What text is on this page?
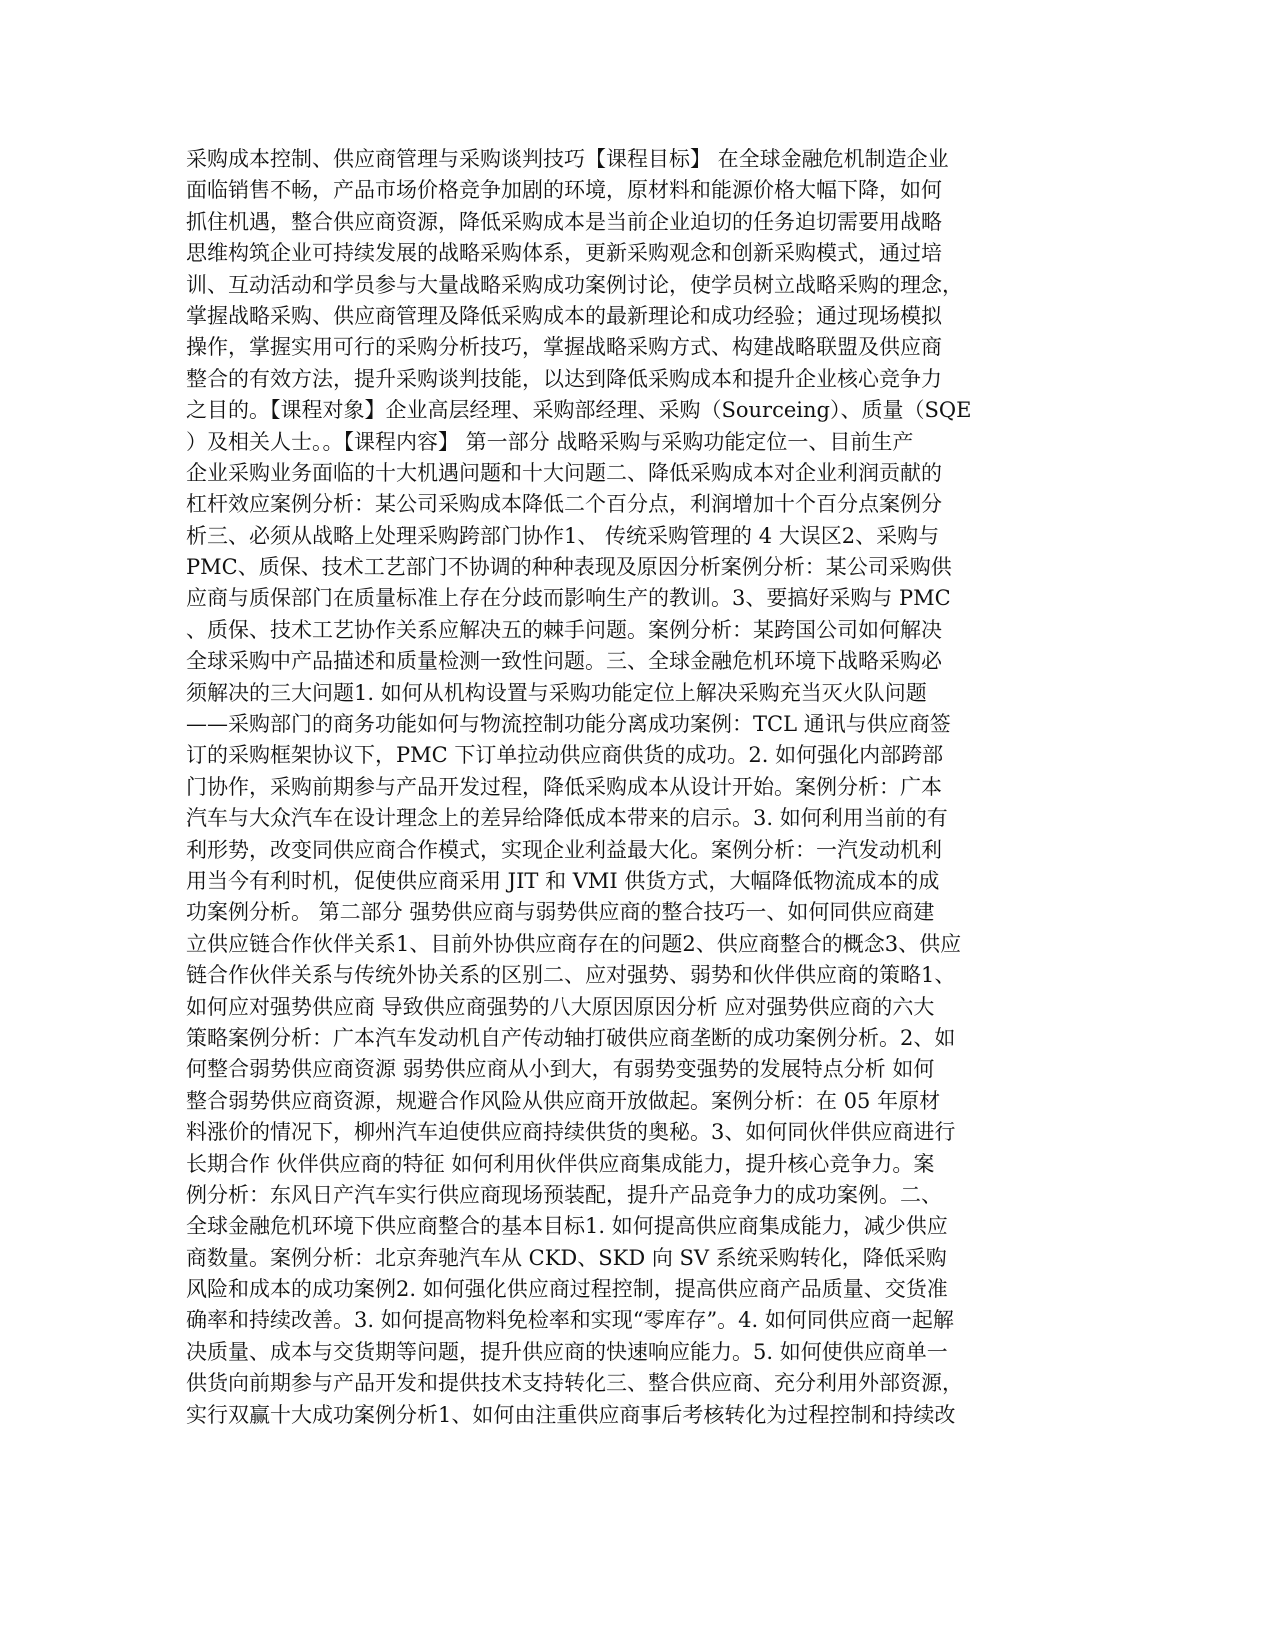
采购成本控制、供应商管理与采购谈判技巧【课程目标】 在全球金融危机制造企业
面临销售不畅，产品市场价格竞争加剧的环境，原材料和能源价格大幅下降，如何
抓住机遇，整合供应商资源，降低采购成本是当前企业迫切的任务迫切需要用战略
思维构筑企业可持续发展的战略采购体系，更新采购观念和创新采购模式，通过培
训、互动活动和学员参与大量战略采购成功案例讨论，使学员树立战略采购的理念，
掌握战略采购、供应商管理及降低采购成本的最新理论和成功经验；通过现场模拟
操作，掌握实用可行的采购分析技巧，掌握战略采购方式、构建战略联盟及供应商
整合的有效方法，提升采购谈判技能，以达到降低采购成本和提升企业核心竞争力
之目的。【课程对象】企业高层经理、采购部经理、采购（Sourceing）、质量（SQE
）及相关人士。。【课程内容】 第一部分 战略采购与采购功能定位一、目前生产
企业采购业务面临的十大机遇问题和十大问题二、降低采购成本对企业利润贡献的
杠杆效应案例分析：某公司采购成本降低二个百分点，利润增加十个百分点案例分
析三、必须从战略上处理采购跨部门协作1、 传统采购管理的 4 大误区2、采购与
PMC、质保、技术工艺部门不协调的种种表现及原因分析案例分析：某公司采购供
应商与质保部门在质量标准上存在分歧而影响生产的教训。3、要搞好采购与 PMC
、质保、技术工艺协作关系应解决五的棘手问题。案例分析：某跨国公司如何解决
全球采购中产品描述和质量检测一致性问题。三、全球金融危机环境下战略采购必
须解决的三大问题1. 如何从机构设置与采购功能定位上解决采购充当灭火队问题
——采购部门的商务功能如何与物流控制功能分离成功案例：TCL 通讯与供应商签
订的采购框架协议下，PMC 下订单拉动供应商供货的成功。2. 如何强化内部跨部
门协作，采购前期参与产品开发过程，降低采购成本从设计开始。案例分析：广本
汽车与大众汽车在设计理念上的差异给降低成本带来的启示。3. 如何利用当前的有
利形势，改变同供应商合作模式，实现企业利益最大化。案例分析：一汽发动机利
用当今有利时机，促使供应商采用 JIT 和 VMI 供货方式，大幅降低物流成本的成
功案例分析。 第二部分 强势供应商与弱势供应商的整合技巧一、如何同供应商建
立供应链合作伙伴关系1、目前外协供应商存在的问题2、供应商整合的概念3、供应
链合作伙伴关系与传统外协关系的区别二、应对强势、弱势和伙伴供应商的策略1、
如何应对强势供应商 导致供应商强势的八大原因原因分析 应对强势供应商的六大
策略案例分析：广本汽车发动机自产传动轴打破供应商垄断的成功案例分析。2、如
何整合弱势供应商资源 弱势供应商从小到大，有弱势变强势的发展特点分析 如何
整合弱势供应商资源，规避合作风险从供应商开放做起。案例分析：在 05 年原材
料涨价的情况下，柳州汽车迫使供应商持续供货的奥秘。3、如何同伙伴供应商进行
长期合作 伙伴供应商的特征 如何利用伙伴供应商集成能力，提升核心竞争力。案
例分析：东风日产汽车实行供应商现场预装配，提升产品竞争力的成功案例。二、
全球金融危机环境下供应商整合的基本目标1. 如何提高供应商集成能力，减少供应
商数量。案例分析：北京奔驰汽车从 CKD、SKD 向 SV 系统采购转化，降低采购
风险和成本的成功案例2. 如何强化供应商过程控制，提高供应商产品质量、交货准
确率和持续改善。3. 如何提高物料免检率和实现“零库存”。4. 如何同供应商一起解
决质量、成本与交货期等问题，提升供应商的快速响应能力。5. 如何使供应商单一
供货向前期参与产品开发和提供技术支持转化三、整合供应商、充分利用外部资源，
实行双赢十大成功案例分析1、如何由注重供应商事后考核转化为过程控制和持续改
